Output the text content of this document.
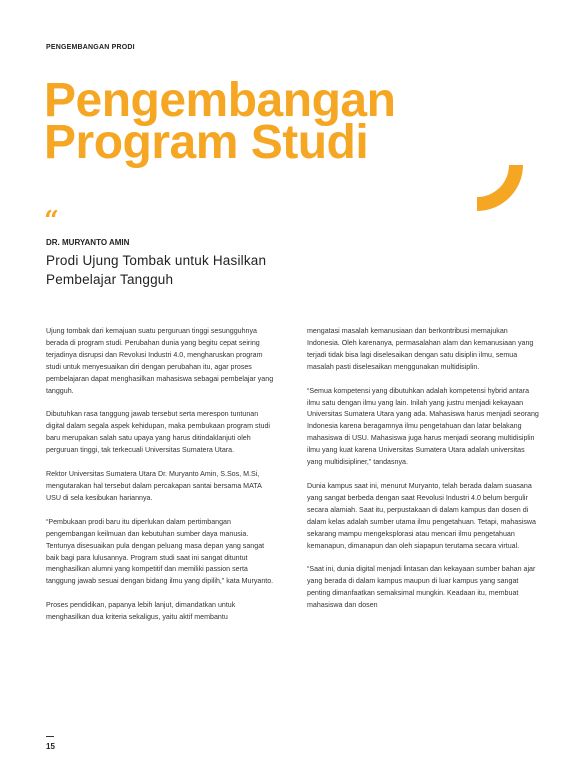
PENGEMBANGAN PRODI
Pengembangan
Program Studi
“
DR. MURYANTO AMIN
Prodi Ujung Tombak untuk Hasilkan Pembelajar Tangguh

Ujung tombak dari kemajuan suatu perguruan tinggi sesungguhnya berada di program studi. Perubahan dunia yang begitu cepat seiring terjadinya disrupsi dan Revolusi Industri 4.0, mengharuskan program studi untuk menyesuaikan diri dengan perubahan itu, agar proses pembelajaran dapat menghasilkan mahasiswa sebagai pembelajar yang tangguh.

Dibutuhkan rasa tanggung jawab tersebut serta merespon tuntunan digital dalam segala aspek kehidupan, maka pembukaan program studi baru merupakan salah satu upaya yang harus ditindaklanjuti oleh perguruan tinggi, tak terkecuali Universitas Sumatera Utara.

Rektor Universitas Sumatera Utara Dr. Muryanto Amin, S.Sos, M.Si, mengutarakan hal tersebut dalam percakapan santai bersama MATA USU di sela kesibukan hariannya.

“Pembukaan prodi baru itu diperlukan dalam pertimbangan pengembangan keilmuan dan kebutuhan sumber daya manusia. Tentunya disesuaikan pula dengan peluang masa depan yang sangat baik bagi para lulusannya. Program studi saat ini sangat dituntut menghasilkan alumni yang kompetitif dan memiliki passion serta tanggung jawab sesuai dengan bidang ilmu yang dipilih,” kata Muryanto.

Proses pendidikan, papanya lebih lanjut, dimandatkan untuk menghasilkan dua kriteria sekaligus, yaitu aktif membantu

mengatasi masalah kemanusiaan dan berkontribusi memajukan Indonesia. Oleh karenanya, permasalahan alam dan kemanusiaan yang terjadi tidak bisa lagi diselesaikan dengan satu disiplin ilmu, semua masalah pasti diselesaikan menggunakan multidisiplin.

“Semua kompetensi yang dibutuhkan adalah kompetensi hybrid antara ilmu satu dengan ilmu yang lain. Inilah yang justru menjadi kekayaan Universitas Sumatera Utara yang ada. Mahasiswa harus menjadi seorang Indonesia karena beragamnya ilmu pengetahuan dan latar belakang mahasiswa di USU. Mahasiswa juga harus menjadi seorang multidisiplin ilmu yang kuat karena Universitas Sumatera Utara adalah universitas yang multidisipliner,” tandasnya.

Dunia kampus saat ini, menurut Muryanto, telah berada dalam suasana yang sangat berbeda dengan saat Revolusi Industri 4.0 belum bergulir secara alamiah. Saat itu, perpustakaan di dalam kampus dan dosen di dalam kelas adalah sumber utama ilmu pengetahuan. Tetapi, mahasiswa sekarang mampu mengeksplorasi atau mencari ilmu pengetahuan kemanapun, dimanapun dan oleh siapapun terutama secara virtual.

“Saat ini, dunia digital menjadi lintasan dan kekayaan sumber bahan ajar yang berada di dalam kampus maupun di luar kampus yang sangat penting dimanfaatkan semaksimal mungkin. Keadaan itu, membuat mahasiswa dan dosen

15
